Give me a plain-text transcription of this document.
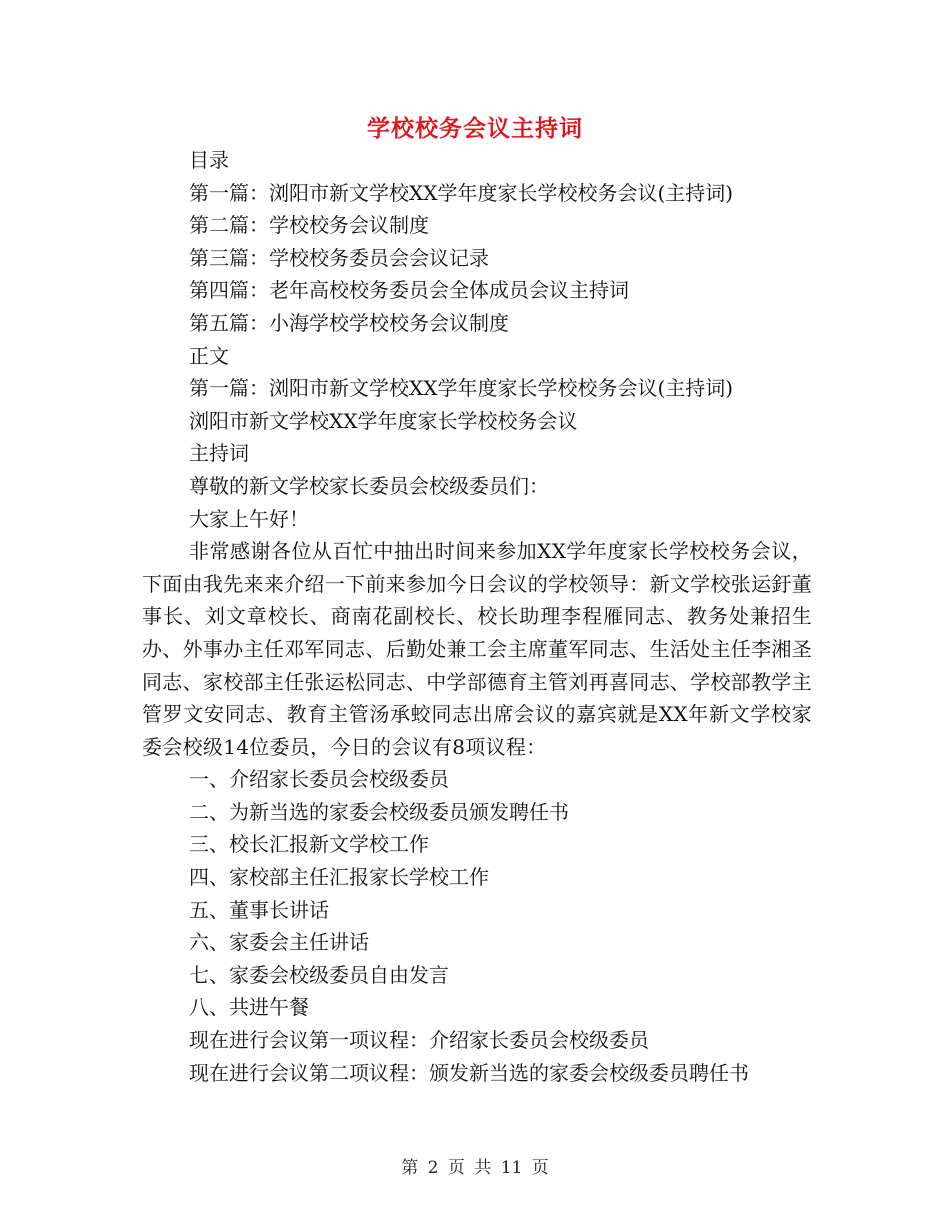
学校校务会议主持词
目录
第一篇：浏阳市新文学校XX学年度家长学校校务会议(主持词)
第二篇：学校校务会议制度
第三篇：学校校务委员会会议记录
第四篇：老年高校校务委员会全体成员会议主持词
第五篇：小海学校学校校务会议制度
正文
第一篇：浏阳市新文学校XX学年度家长学校校务会议(主持词)
浏阳市新文学校XX学年度家长学校校务会议
主持词
尊敬的新文学校家长委员会校级委员们：
大家上午好！
非常感谢各位从百忙中抽出时间来参加XX学年度家长学校校务会议，下面由我先来来介绍一下前来参加今日会议的学校领导：新文学校张运釪董事长、刘文章校长、商南花副校长、校长助理李程雁同志、教务处兼招生办、外事办主任邓军同志、后勤处兼工会主席董军同志、生活处主任李湘圣同志、家校部主任张运松同志、中学部德育主管刘再喜同志、学校部教学主管罗文安同志、教育主管汤承蛟同志出席会议的嘉宾就是XX年新文学校家委会校级14位委员，今日的会议有8项议程：
一、介绍家长委员会校级委员
二、为新当选的家委会校级委员颁发聘任书
三、校长汇报新文学校工作
四、家校部主任汇报家长学校工作
五、董事长讲话
六、家委会主任讲话
七、家委会校级委员自由发言
八、共进午餐
现在进行会议第一项议程：介绍家长委员会校级委员
现在进行会议第二项议程：颁发新当选的家委会校级委员聘任书
第 2 页 共 11 页
